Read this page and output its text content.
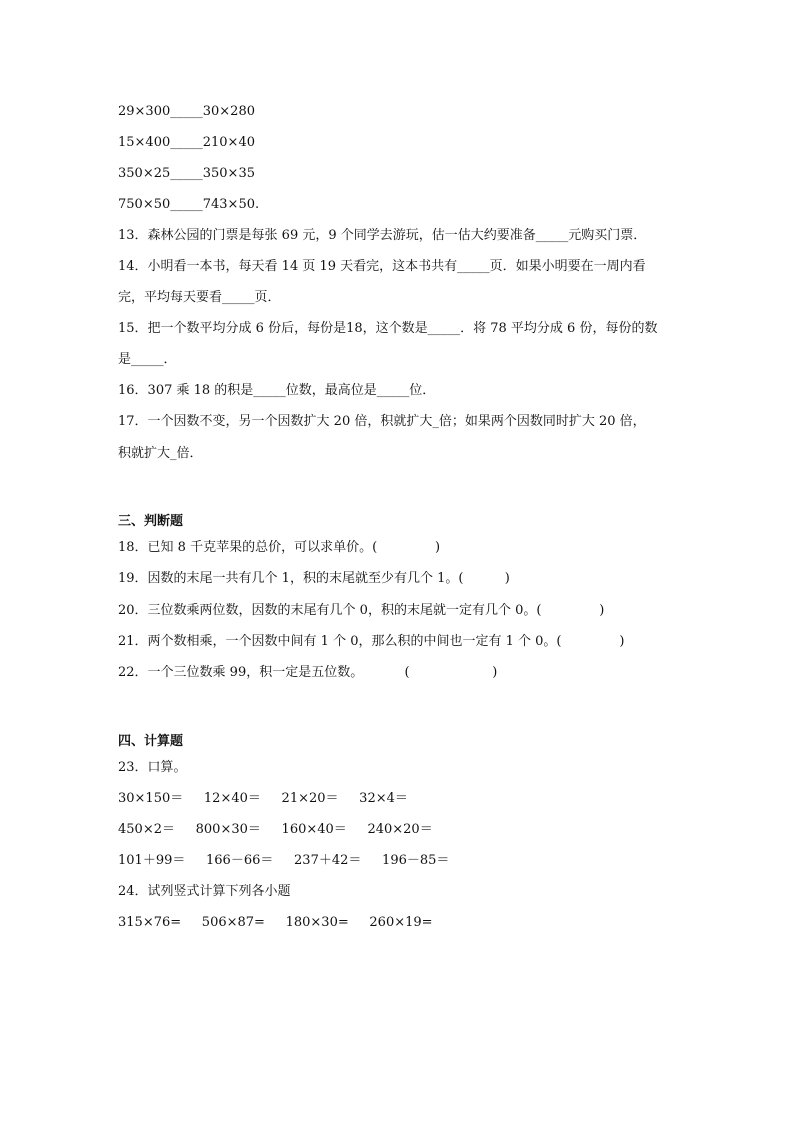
29×300_____30×280

15×400_____210×40

350×25_____350×35

750×50_____743×50.

13．森林公园的门票是每张 69 元，9 个同学去游玩，估一估大约要准备_____元购买门票．

14．小明看一本书，每天看 14 页 19 天看完，这本书共有_____页．如果小明要在一周内看

完，平均每天要看_____页．

15．把一个数平均分成 6 份后，每份是18，这个数是_____．将 78 平均分成 6 份，每份的数

是_____．

16．307 乘 18 的积是_____位数，最高位是_____位．

17．一个因数不变，另一个因数扩大 20 倍，积就扩大_倍；如果两个因数同时扩大 20 倍，

积就扩大_倍．

三、判断题

18．已知 8 千克苹果的总价，可以求单价。(              )

19．因数的末尾一共有几个 1，积的末尾就至少有几个 1。(          )

20．三位数乘两位数，因数的末尾有几个 0，积的末尾就一定有几个 0。(              )

21．两个数相乘，一个因数中间有 1 个 0，那么积的中间也一定有 1 个 0。(              )

22．一个三位数乘 99，积一定是五位数。          (                    )

四、计算题

23．口算。

30×150＝     12×40＝     21×20＝     32×4＝

450×2＝     800×30＝     160×40＝     240×20＝

101＋99＝     166－66＝     237＋42＝     196－85＝

24．试列竖式计算下列各小题

315×76=     506×87=     180×30=     260×19=
